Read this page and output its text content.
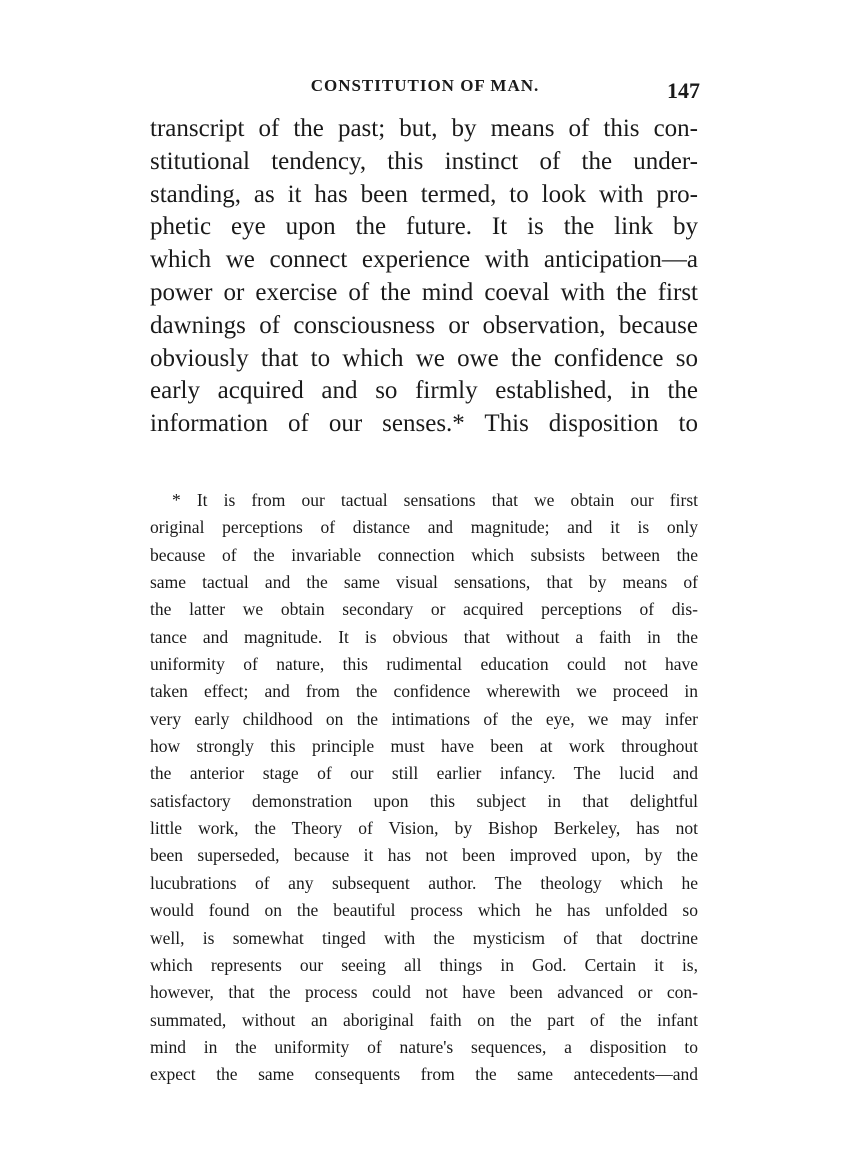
CONSTITUTION OF MAN.	147
transcript of the past; but, by means of this con-
stitutional tendency, this instinct of the under-
standing, as it has been termed, to look with pro-
phetic eye upon the future. It is the link by
which we connect experience with anticipation—a
power or exercise of the mind coeval with the first
dawnings of consciousness or observation, because
obviously that to which we owe the confidence so
early acquired and so firmly established, in the
information of our senses.* This disposition to
* It is from our tactual sensations that we obtain our first
original perceptions of distance and magnitude; and it is only
because of the invariable connection which subsists between the
same tactual and the same visual sensations, that by means of
the latter we obtain secondary or acquired perceptions of dis-
tance and magnitude. It is obvious that without a faith in the
uniformity of nature, this rudimental education could not have
taken effect; and from the confidence wherewith we proceed in
very early childhood on the intimations of the eye, we may infer
how strongly this principle must have been at work throughout
the anterior stage of our still earlier infancy. The lucid and
satisfactory demonstration upon this subject in that delightful
little work, the Theory of Vision, by Bishop Berkeley, has not
been superseded, because it has not been improved upon, by the
lucubrations of any subsequent author. The theology which he
would found on the beautiful process which he has unfolded so
well, is somewhat tinged with the mysticism of that doctrine
which represents our seeing all things in God. Certain it is,
however, that the process could not have been advanced or con-
summated, without an aboriginal faith on the part of the infant
mind in the uniformity of nature's sequences, a disposition to
expect the same consequents from the same antecedents—and
